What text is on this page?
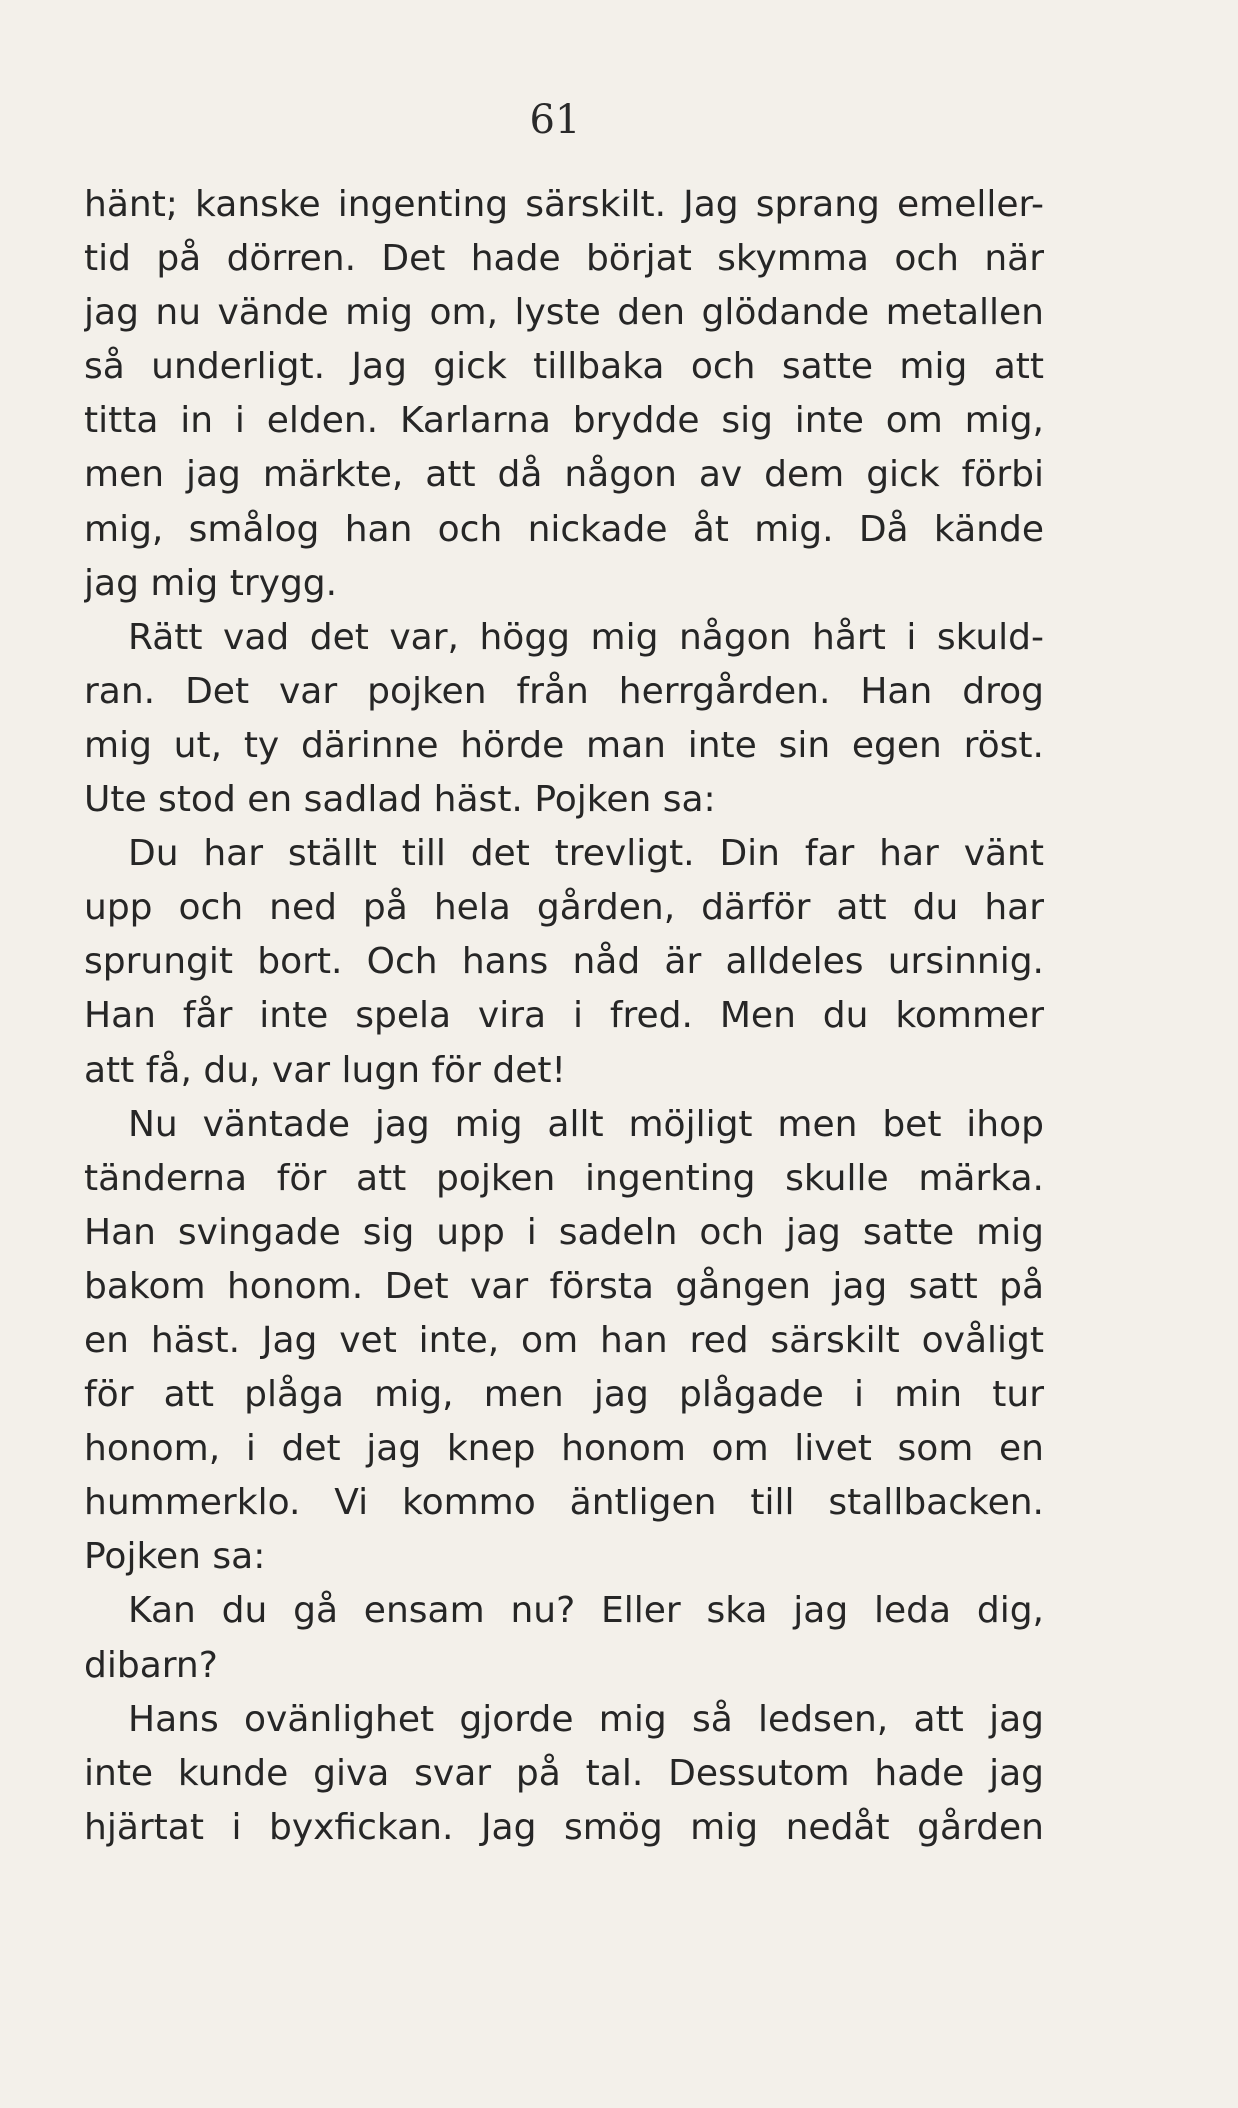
61
hänt; kanske ingenting särskilt. Jag sprang emeller-
tid på dörren. Det hade börjat skymma och när
jag nu vände mig om, lyste den glödande metallen
så underligt. Jag gick tillbaka och satte mig att
titta in i elden. Karlarna brydde sig inte om mig,
men jag märkte, att då någon av dem gick förbi
mig, smålog han och nickade åt mig. Då kände
jag mig trygg.
Rätt vad det var, högg mig någon hårt i skuld-
ran. Det var pojken från herrgården. Han drog
mig ut, ty därinne hörde man inte sin egen röst.
Ute stod en sadlad häst. Pojken sa:
Du har ställt till det trevligt. Din far har vänt
upp och ned på hela gården, därför att du har
sprungit bort. Och hans nåd är alldeles ursinnig.
Han får inte spela vira i fred. Men du kommer
att få, du, var lugn för det!
Nu väntade jag mig allt möjligt men bet ihop
tänderna för att pojken ingenting skulle märka.
Han svingade sig upp i sadeln och jag satte mig
bakom honom. Det var första gången jag satt på
en häst. Jag vet inte, om han red särskilt ovåligt
för att plåga mig, men jag plågade i min tur
honom, i det jag knep honom om livet som en
hummerklo. Vi kommo äntligen till stallbacken.
Pojken sa:
Kan du gå ensam nu? Eller ska jag leda dig,
dibarn?
Hans ovänlighet gjorde mig så ledsen, att jag
inte kunde giva svar på tal. Dessutom hade jag
hjärtat i byxfickan. Jag smög mig nedåt gården
